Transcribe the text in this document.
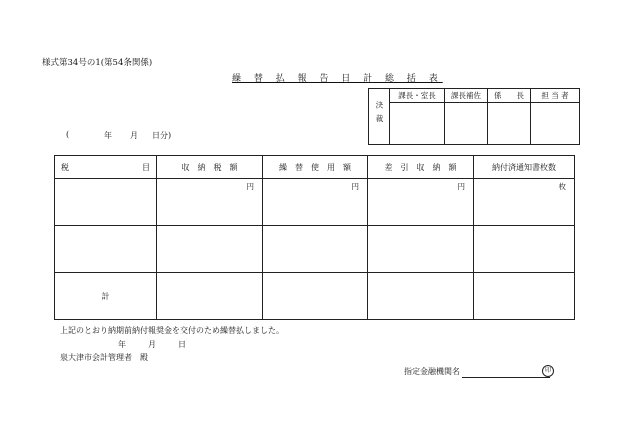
様式第34号の1(第54条関係)
繰 替 払 報 告 日 計 総 括 表
(	年 月 日分)
決裁	課長・室長	課長補佐	係　　長	担 当 者

税 目	収　納　税　額	繰　替　使　用　額	差　引　収　納　額	納付済通知書枚数

	円	円	円	枚

計				

上記のとおり納期前納付報奨金を交付のため繰替払しました。
年	月	日
泉大津市会計管理者　殿
指定金融機関名	印
